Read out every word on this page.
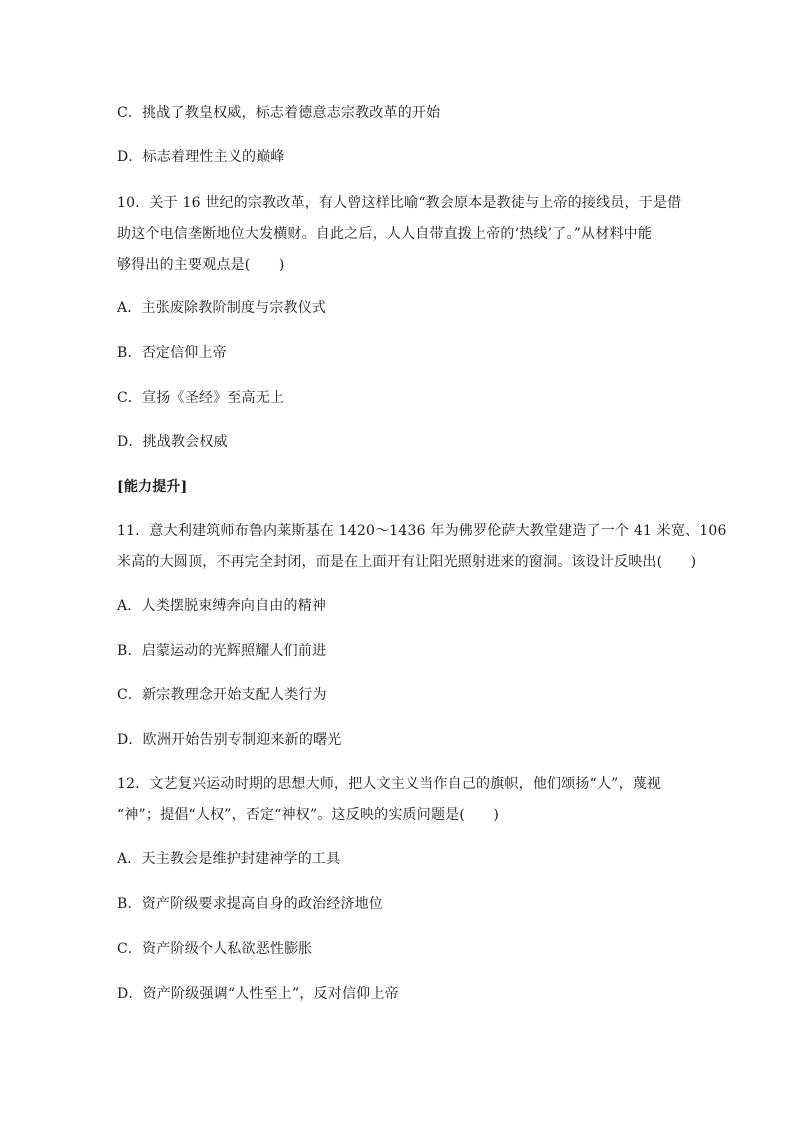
C．挑战了教皇权威，标志着德意志宗教改革的开始
D．标志着理性主义的巅峰
10．关于 16 世纪的宗教改革，有人曾这样比喻“教会原本是教徒与上帝的接线员，于是借
助这个电信垄断地位大发横财。自此之后，人人自带直拨上帝的‘热线’了。”从材料中能
够得出的主要观点是(　　)
A．主张废除教阶制度与宗教仪式
B．否定信仰上帝
C．宣扬《圣经》至高无上
D．挑战教会权威
[能力提升]
11．意大利建筑师布鲁内莱斯基在 1420～1436 年为佛罗伦萨大教堂建造了一个 41 米宽、106
米高的大圆顶，不再完全封闭，而是在上面开有让阳光照射进来的窗洞。该设计反映出(　　)
A．人类摆脱束缚奔向自由的精神
B．启蒙运动的光辉照耀人们前进
C．新宗教理念开始支配人类行为
D．欧洲开始告别专制迎来新的曙光
12．文艺复兴运动时期的思想大师，把人文主义当作自己的旗帜，他们颂扬“人”，蔑视
“神”；提倡“人权”，否定“神权”。这反映的实质问题是(　　)
A．天主教会是维护封建神学的工具
B．资产阶级要求提高自身的政治经济地位
C．资产阶级个人私欲恶性膨胀
D．资产阶级强调“人性至上”，反对信仰上帝
